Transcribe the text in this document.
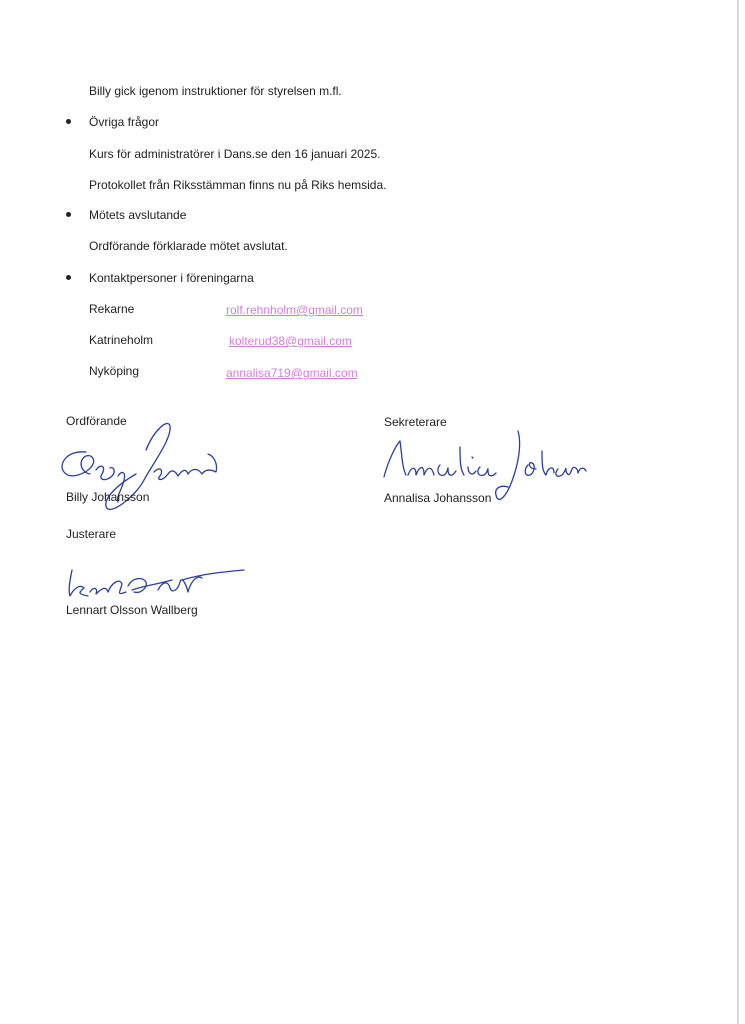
Billy gick igenom instruktioner för styrelsen m.fl.
Övriga frågor
Kurs för administratörer i Dans.se den 16 januari 2025.
Protokollet från Riksstämman finns nu på Riks hemsida.
Mötets avslutande
Ordförande förklarade mötet avslutat.
Kontaktpersoner i föreningarna
Rekarne	rolf.rehnholm@gmail.com
Katrineholm	kolterud38@gmail.com
Nyköping	annalisa719@gmail.com
Ordförande
Billy Johansson
Sekreterare
Annalisa Johansson
Justerare
Lennart Olsson Wallberg
